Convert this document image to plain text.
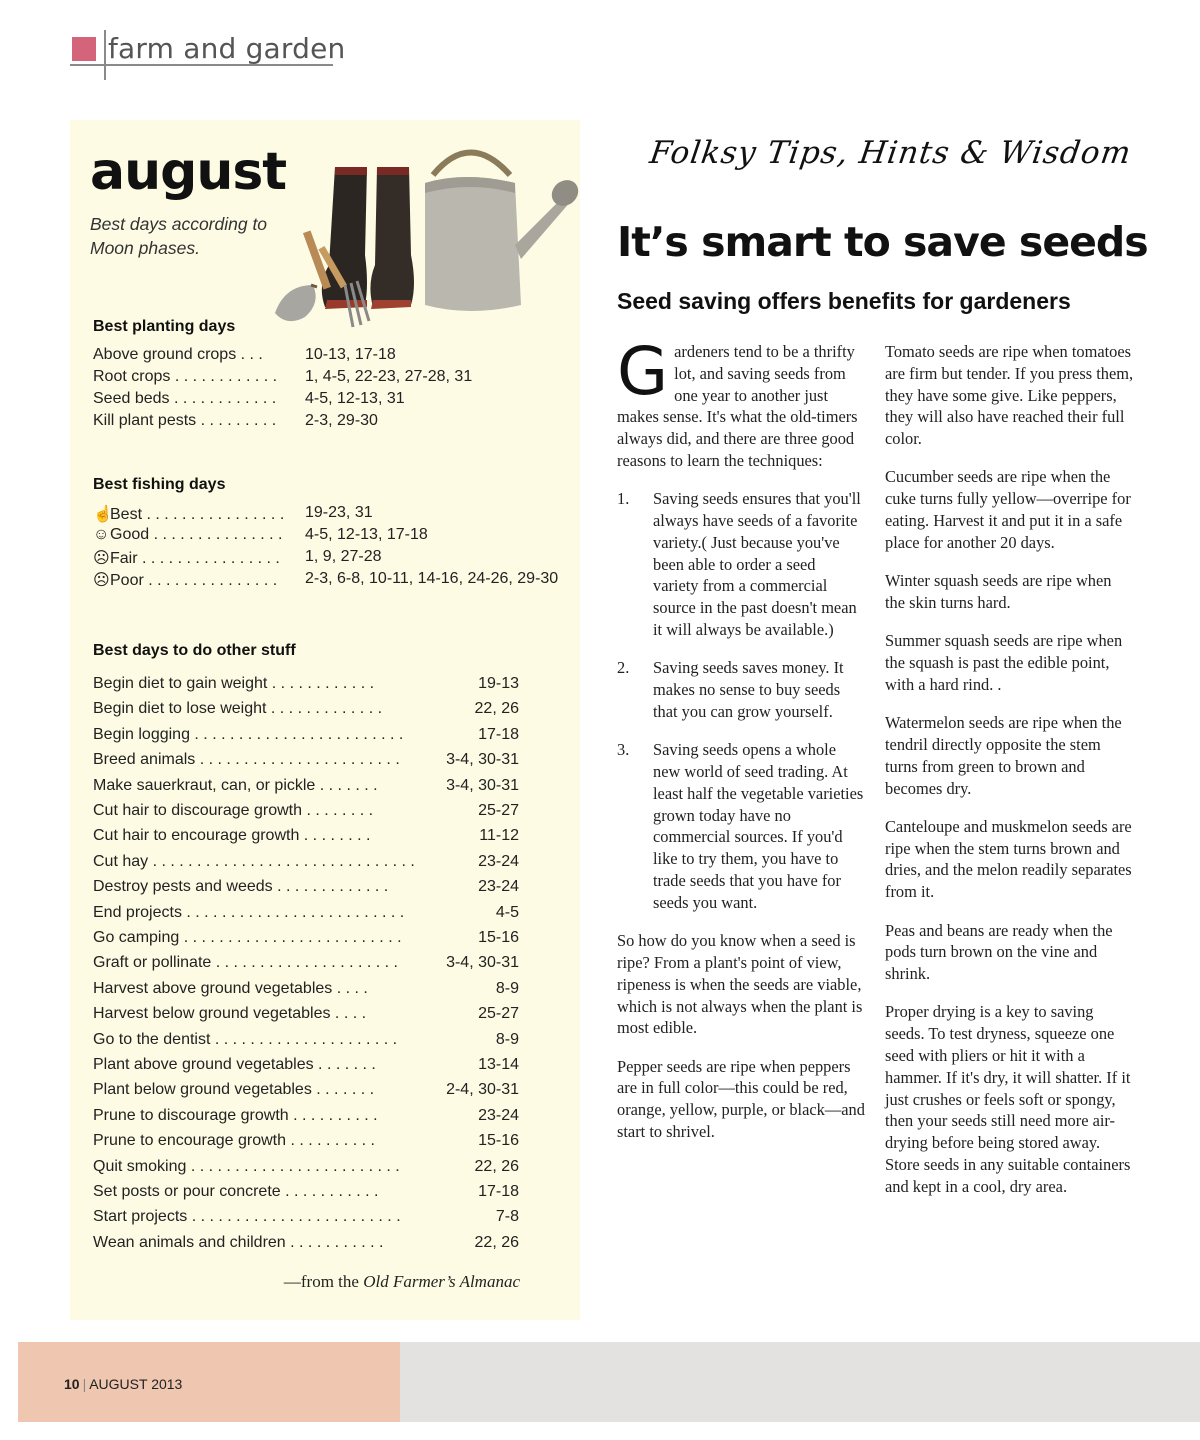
farm and garden
august
Best days according to Moon phases.
Best planting days
Above ground crops . . .	10-13, 17-18
Root crops . . . . . . . . . . . . 1, 4-5, 22-23, 27-28, 31
Seed beds . . . . . . . . . . . . 4-5, 12-13, 31
Kill plant pests . . . . . . . . . 2-3, 29-30
Best fishing days
☝Best . . . . . . . . . . . . . . . . 19-23, 31
☺Good . . . . . . . . . . . . . . . 4-5, 12-13, 17-18
☹Fair . . . . . . . . . . . . . . . . 1, 9, 27-28
☹Poor . . . . . . . . . . . . . . . 2-3, 6-8, 10-11, 14-16, 24-26, 29-30
Best days to do other stuff
Begin diet to gain weight . . . . . . . . . . . .	19-13
Begin diet to lose weight . . . . . . . . . . . . .	22, 26
Begin logging . . . . . . . . . . . . . . . . . . . . . . . .	17-18
Breed animals . . . . . . . . . . . . . . . . . . . . . . .	3-4, 30-31
Make sauerkraut, can, or pickle . . . . . . .	3-4, 30-31
Cut hair to discourage growth . . . . . . . .	25-27
Cut hair to encourage growth . . . . . . . .	11-12
Cut hay . . . . . . . . . . . . . . . . . . . . . . . . . . . . . .	23-24
Destroy pests and weeds . . . . . . . . . . . . .	23-24
End projects . . . . . . . . . . . . . . . . . . . . . . . . .	4-5
Go camping . . . . . . . . . . . . . . . . . . . . . . . . .	15-16
Graft or pollinate . . . . . . . . . . . . . . . . . . . . .	3-4, 30-31
Harvest above ground vegetables . . . .	8-9
Harvest below ground vegetables . . . .	25-27
Go to the dentist . . . . . . . . . . . . . . . . . . . . .	8-9
Plant above ground vegetables . . . . . . .	13-14
Plant below ground vegetables . . . . . . .	2-4, 30-31
Prune to discourage growth . . . . . . . . . .	23-24
Prune to encourage growth . . . . . . . . . .	15-16
Quit smoking . . . . . . . . . . . . . . . . . . . . . . . .	22, 26
Set posts or pour concrete . . . . . . . . . . .	17-18
Start projects . . . . . . . . . . . . . . . . . . . . . . . .	7-8
Wean animals and children . . . . . . . . . . .	22, 26
—from the Old Farmer’s Almanac
Folksy Tips, Hints & Wisdom
It’s smart to save seeds
Seed saving offers benefits for gardeners

Gardeners tend to be a thrifty lot, and saving seeds from one year to another just makes sense. It's what the old-timers always did, and there are three good reasons to learn the techniques:

1. Saving seeds ensures that you'll always have seeds of a favorite variety.( Just because you've been able to order a seed variety from a commercial source in the past doesn't mean it will always be available.)
2. Saving seeds saves money. It makes no sense to buy seeds that you can grow yourself.
3. Saving seeds opens a whole new world of seed trading. At least half the vegetable varieties grown today have no commercial sources. If you'd like to try them, you have to trade seeds that you have for seeds you want.

So how do you know when a seed is ripe? From a plant's point of view, ripeness is when the seeds are viable, which is not always when the plant is most edible.

Pepper seeds are ripe when peppers are in full color—this could be red, orange, yellow, purple, or black—and start to shrivel.

Tomato seeds are ripe when tomatoes are firm but tender. If you press them, they have some give. Like peppers, they will also have reached their full color.

Cucumber seeds are ripe when the cuke turns fully yellow—overripe for eating. Harvest it and put it in a safe place for another 20 days.

Winter squash seeds are ripe when the skin turns hard.

Summer squash seeds are ripe when the squash is past the edible point, with a hard rind. .

Watermelon seeds are ripe when the tendril directly opposite the stem turns from green to brown and becomes dry.

Canteloupe and muskmelon seeds are ripe when the stem turns brown and dries, and the melon readily separates from it.

Peas and beans are ready when the pods turn brown on the vine and shrink.

Proper drying is a key to saving seeds. To test dryness, squeeze one seed with pliers or hit it with a hammer. If it's dry, it will shatter. If it just crushes or feels soft or spongy, then your seeds still need more air-drying before being stored away. Store seeds in any suitable containers and kept in a cool, dry area.

10 | AUGUST 2013
